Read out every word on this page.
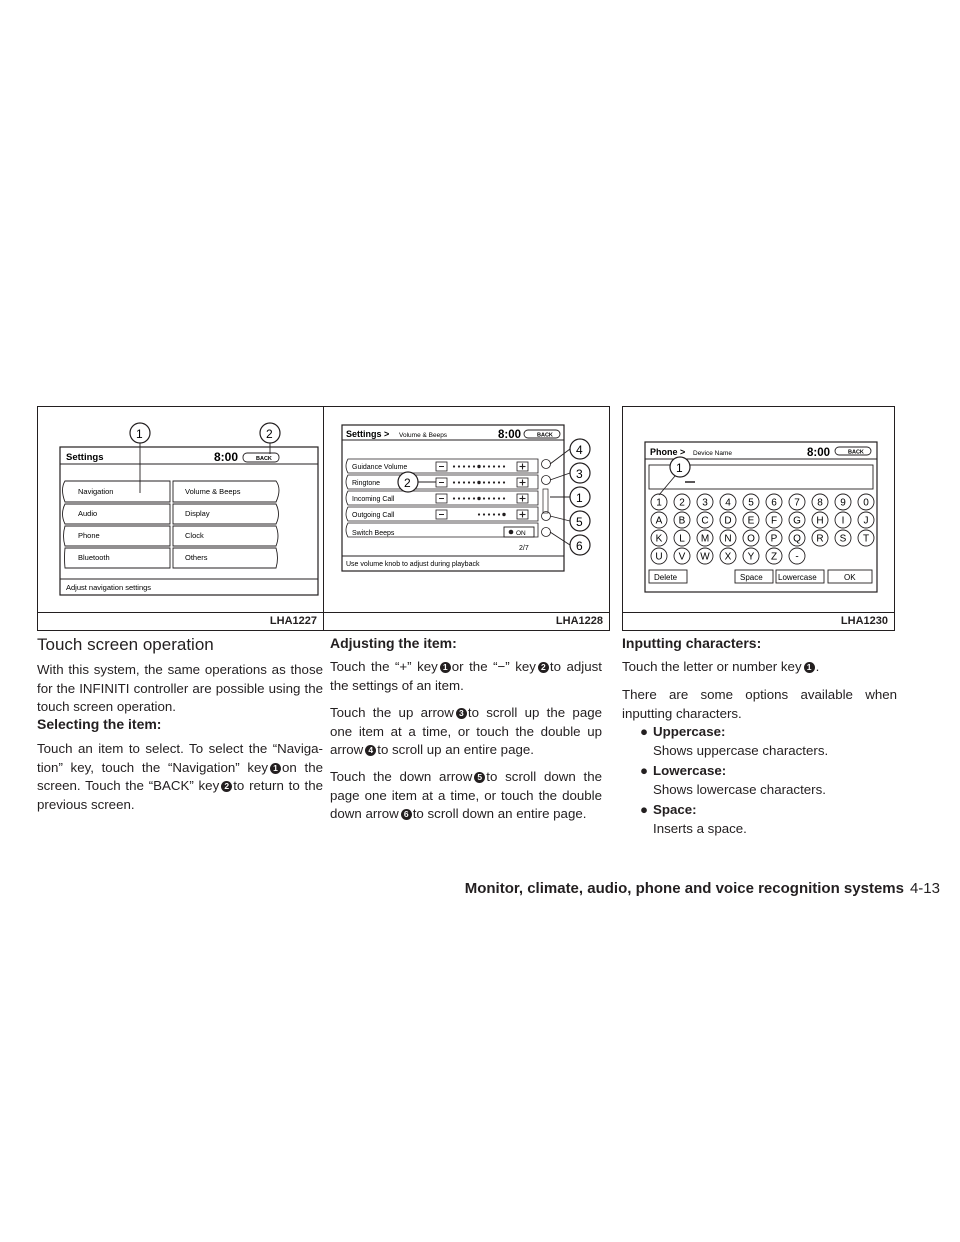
Settings	8:00	BACK
Navigation
Audio
Phone
Bluetooth
Volume & Beeps
Display
Clock
Others
Adjust navigation settings
1	2
LHA1227
Settings > Volume & Beeps	8:00	BACK
Guidance Volume
Ringtone
Incoming Call
Outgoing Call
Switch Beeps	ON
2/7
Use volume knob to adjust during playback
4
3
1
5
6
2
LHA1228
Phone > Device Name	8:00	BACK
1 2 3 4 5 6 7 8 9 0
A B C D E F G H I J
K L M N O P Q R S T
U V W X Y Z -
Delete	Space Lowercase	OK
1
LHA1230
Touch screen operation
With this system, the same operations as those for the INFINITI controller are possible using the touch screen operation.
Selecting the item:
Touch an item to select. To select the “Naviga-tion” key, touch the “Navigation” key 1 on the screen. Touch the “BACK” key 2 to return to the previous screen.
Adjusting the item:
Touch the “+” key 1 or the “−” key 2 to adjust the settings of an item.
Touch the up arrow 3 to scroll up the page one item at a time, or touch the double up arrow 4 to scroll up an entire page.
Touch the down arrow 5 to scroll down the page one item at a time, or touch the double down arrow 6 to scroll down an entire page.
Inputting characters:
Touch the letter or number key 1 .
There are some options available when inputting characters.
● Uppercase:
Shows uppercase characters.
● Lowercase:
Shows lowercase characters.
● Space:
Inserts a space.
Monitor, climate, audio, phone and voice recognition systems 4-13
